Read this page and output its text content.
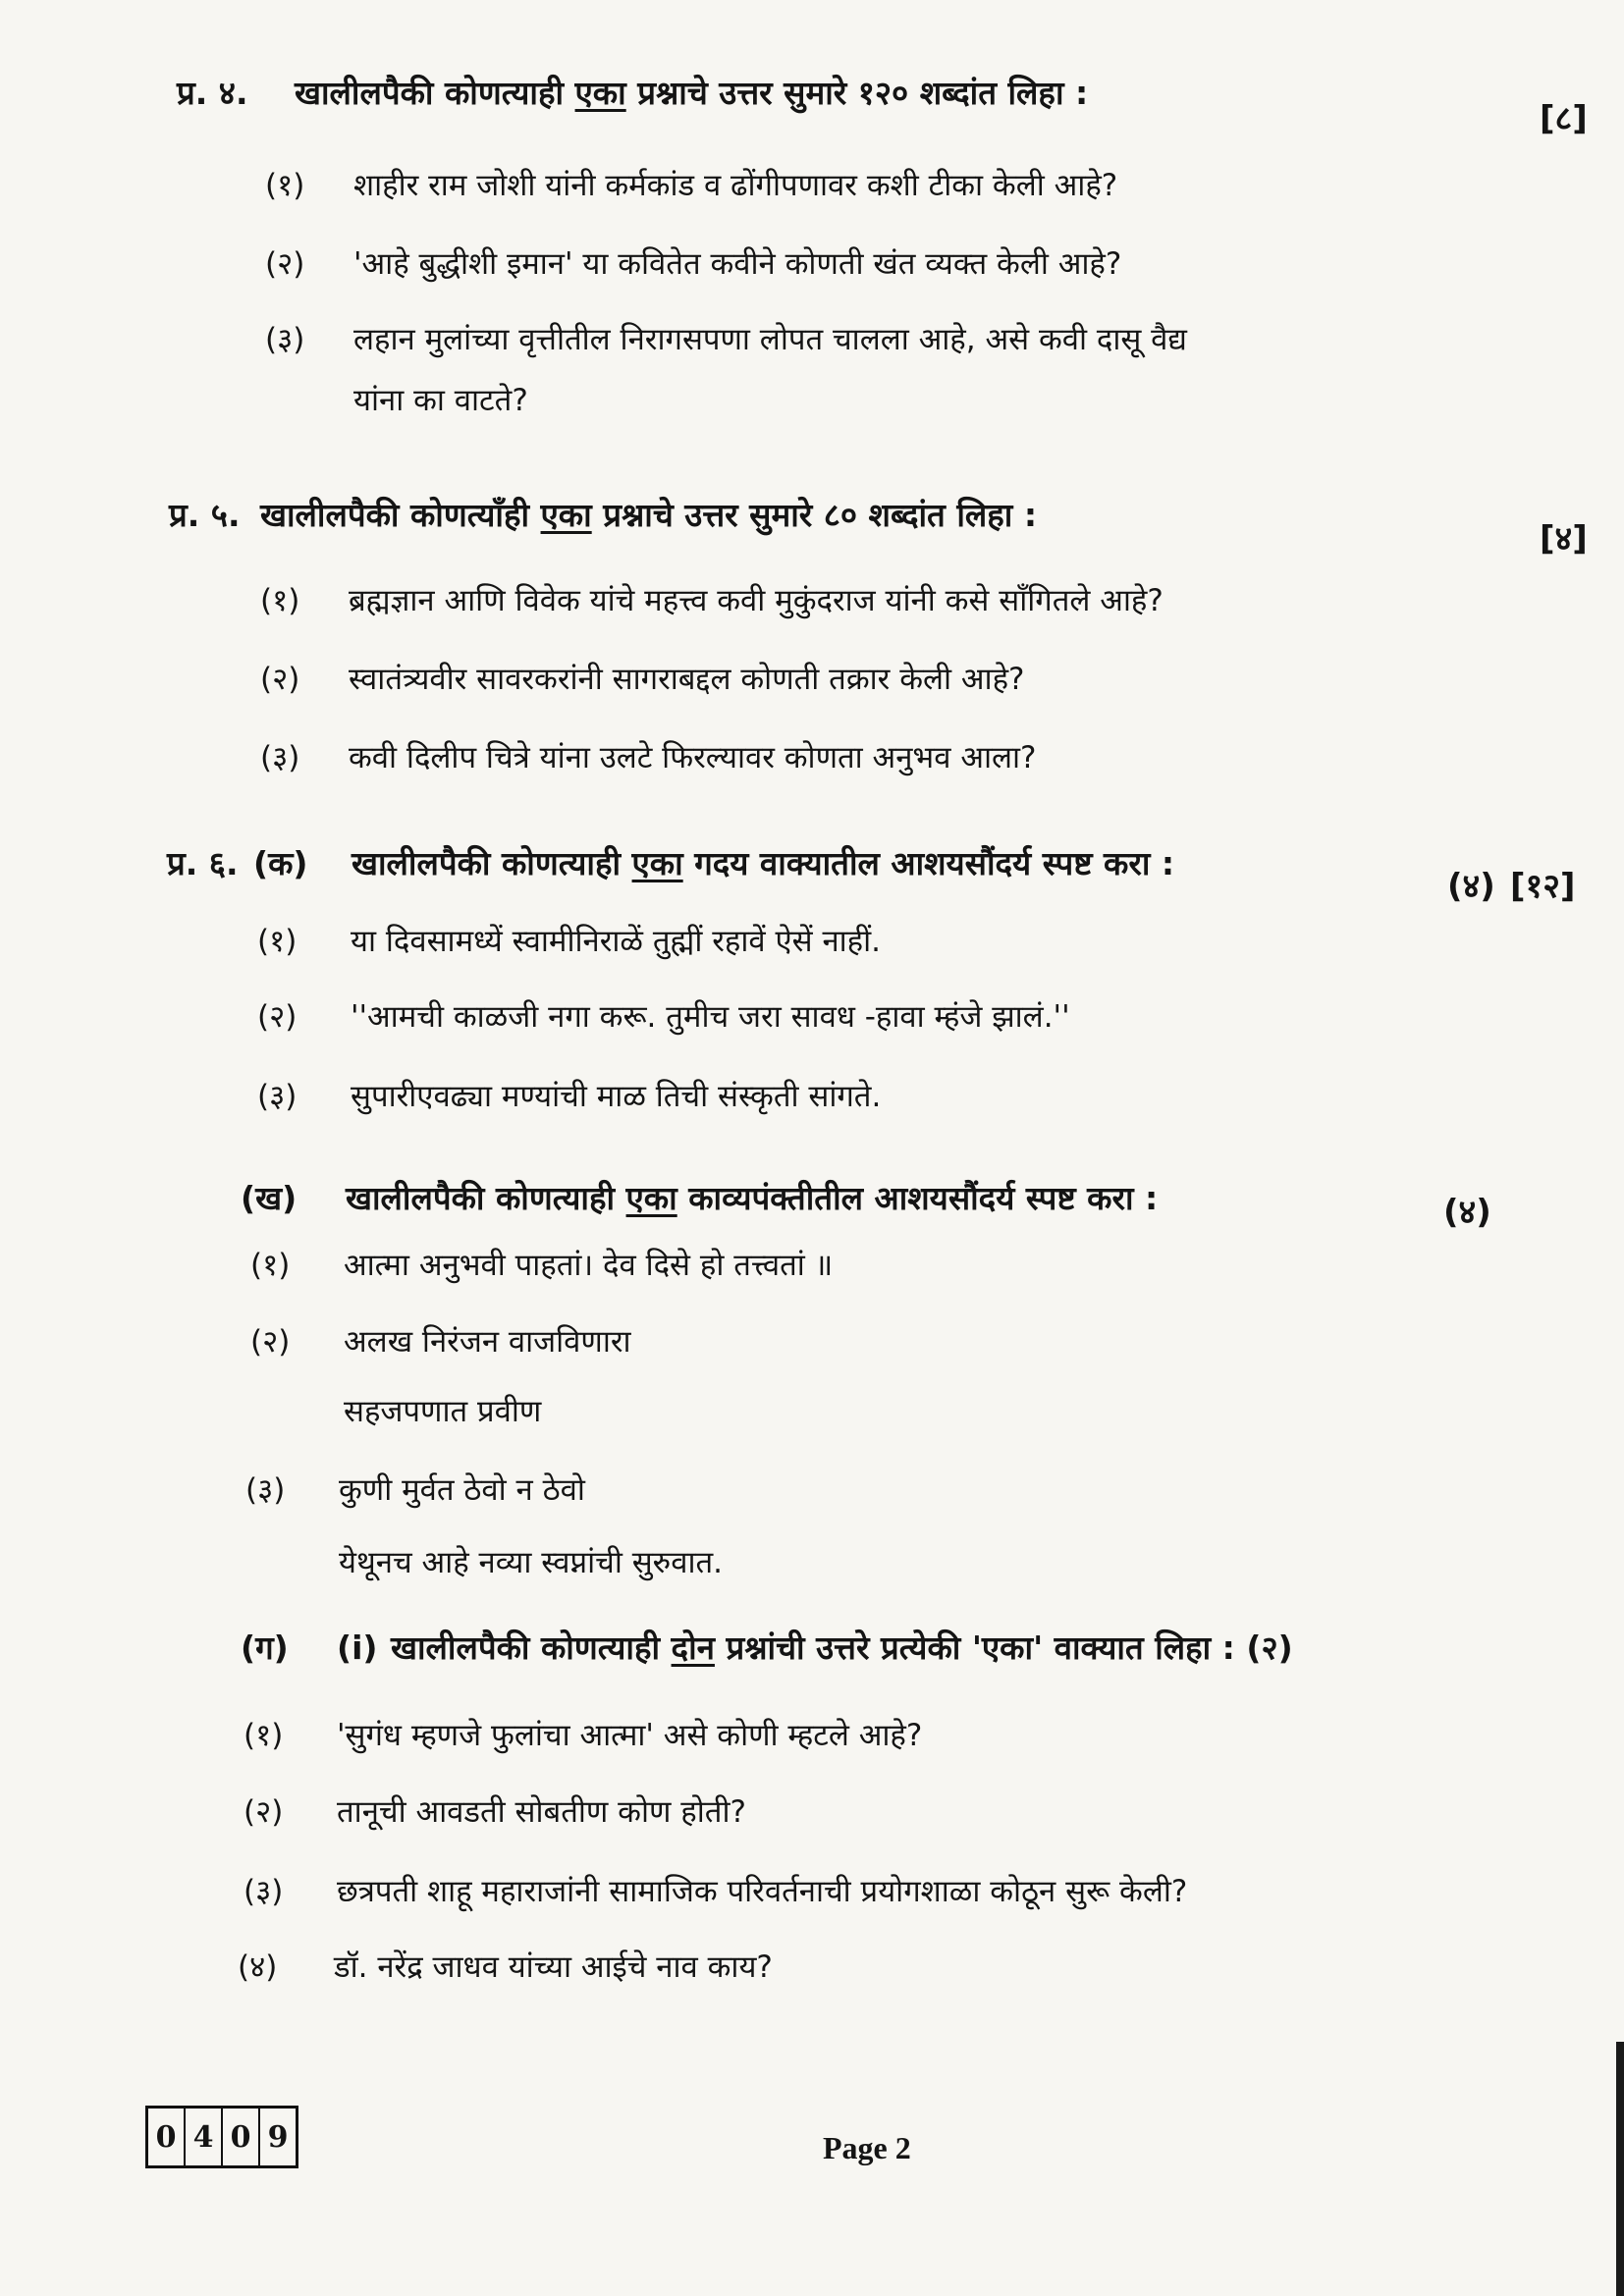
प्र. ४. खालीलपैकी कोणत्याही एका प्रश्नाचे उत्तर सुमारे १२० शब्दांत लिहा :
[८]
(१) शाहीर राम जोशी यांनी कर्मकांड व ढोंगीपणावर कशी टीका केली आहे?
(२) 'आहे बुद्धीशी इमान' या कवितेत कवीने कोणती खंत व्यक्त केली आहे?
(३) लहान मुलांच्या वृत्तीतील निरागसपणा लोपत चालला आहे, असे कवी दासू वैद्य
यांना का वाटते?
प्र. ५. खालीलपैकी कोणत्याँही एका प्रश्नाचे उत्तर सुमारे ८० शब्दांत लिहा :
[४]
(१) ब्रह्मज्ञान आणि विवेक यांचे महत्त्व कवी मुकुंदराज यांनी कसे साँगितले आहे?
(२) स्वातंत्र्यवीर सावरकरांनी सागराबद्दल कोणती तक्रार केली आहे?
(३) कवी दिलीप चित्रे यांना उलटे फिरल्यावर कोणता अनुभव आला?
प्र. ६. (क) खालीलपैकी कोणत्याही एका गदय वाक्यातील आशयसौंदर्य स्पष्ट करा :
(४) [१२]
(१) या दिवसामध्यें स्वामीनिराळें तुह्मीं रहावें ऐसें नाहीं.
(२) ''आमची काळजी नगा करू. तुमीच जरा सावध -हावा म्हंजे झालं.''
(३) सुपारीएवढ्या मण्यांची माळ तिची संस्कृती सांगते.
(ख) खालीलपैकी कोणत्याही एका काव्यपंक्तीतील आशयसौंदर्य स्पष्ट करा :	(४)
(१) आत्मा अनुभवी पाहतां। देव दिसे हो तत्त्वतां ॥
(२) अलख निरंजन वाजविणारा
सहजपणात प्रवीण
(३) कुणी मुर्वत ठेवो न ठेवो
येथूनच आहे नव्या स्वप्नांची सुरुवात.
(ग) (i) खालीलपैकी कोणत्याही दोन प्रश्नांची उत्तरे प्रत्येकी 'एका' वाक्यात लिहा : (२)
(१) 'सुगंध म्हणजे फुलांचा आत्मा' असे कोणी म्हटले आहे?
(२) तानूची आवडती सोबतीण कोण होती?
(३) छत्रपती शाहू महाराजांनी सामाजिक परिवर्तनाची प्रयोगशाळा कोठून सुरू केली?
(४) डॉ. नरेंद्र जाधव यांच्या आईचे नाव काय?
0 4 0 9	Page 2
